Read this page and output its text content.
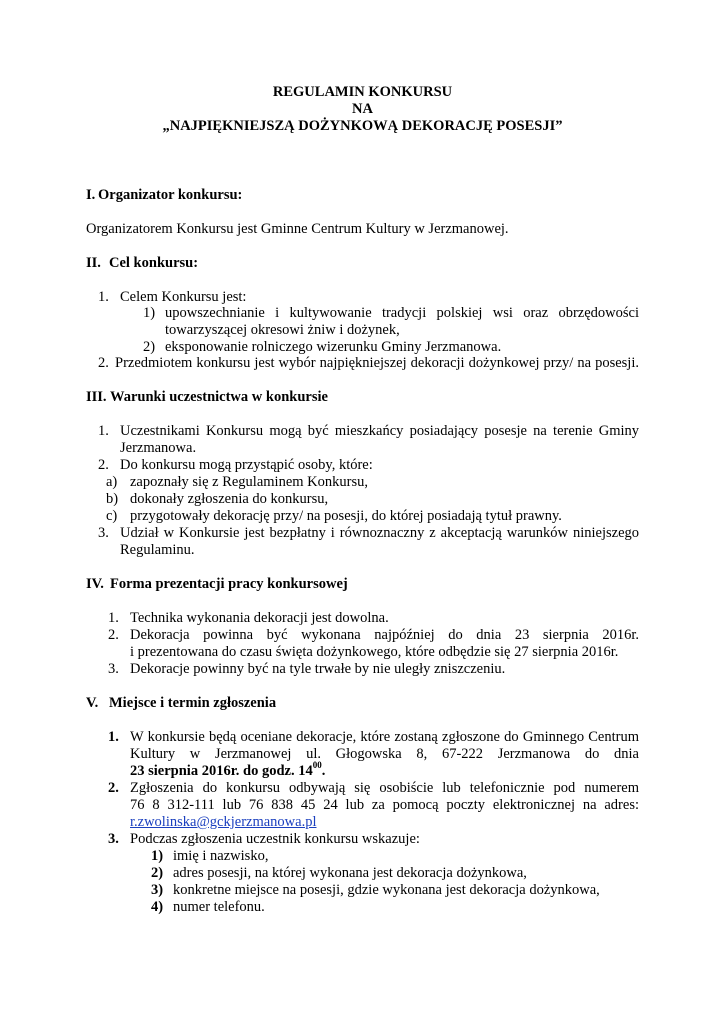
REGULAMIN KONKURSU
NA
„NAJPIĘKNIEJSZĄ DOŻYNKOWĄ DEKORACJĘ POSESJI”
I. Organizator konkursu:
Organizatorem Konkursu jest Gminne Centrum Kultury w Jerzmanowej.
II. Cel konkursu:
1. Celem Konkursu jest:
1) upowszechnianie i kultywowanie tradycji polskiej wsi oraz obrzędowości
towarzyszącej okresowi żniw i dożynek,
2) eksponowanie rolniczego wizerunku Gminy Jerzmanowa.
2. Przedmiotem konkursu jest wybór najpiękniejszej dekoracji dożynkowej przy/ na posesji.
III. Warunki uczestnictwa w konkursie
1. Uczestnikami Konkursu mogą być mieszkańcy posiadający posesje na terenie Gminy
Jerzmanowa.
2. Do konkursu mogą przystąpić osoby, które:
a) zapoznały się z Regulaminem Konkursu,
b) dokonały zgłoszenia do konkursu,
c) przygotowały dekorację przy/ na posesji, do której posiadają tytuł prawny.
3. Udział w Konkursie jest bezpłatny i równoznaczny z akceptacją warunków niniejszego
Regulaminu.
IV. Forma prezentacji pracy konkursowej
1. Technika wykonania dekoracji jest dowolna.
2. Dekoracja powinna być wykonana najpóźniej do dnia 23 sierpnia 2016r.
i prezentowana do czasu święta dożynkowego, które odbędzie się 27 sierpnia 2016r.
3. Dekoracje powinny być na tyle trwałe by nie uległy zniszczeniu.
V. Miejsce i termin zgłoszenia
1. W konkursie będą oceniane dekoracje, które zostaną zgłoszone do Gminnego Centrum
Kultury w Jerzmanowej ul. Głogowska 8, 67-222 Jerzmanowa do dnia
23 sierpnia 2016r. do godz. $14^{00}$.
2. Zgłoszenia do konkursu odbywają się osobiście lub telefonicznie pod numerem
76 8 312-111 lub 76 838 45 24 lub za pomocą poczty elektronicznej na adres:
r.zwolinska@gckjerzmanowa.pl
3. Podczas zgłoszenia uczestnik konkursu wskazuje:
1) imię i nazwisko,
2) adres posesji, na której wykonana jest dekoracja dożynkowa,
3) konkretne miejsce na posesji, gdzie wykonana jest dekoracja dożynkowa,
4) numer telefonu.
